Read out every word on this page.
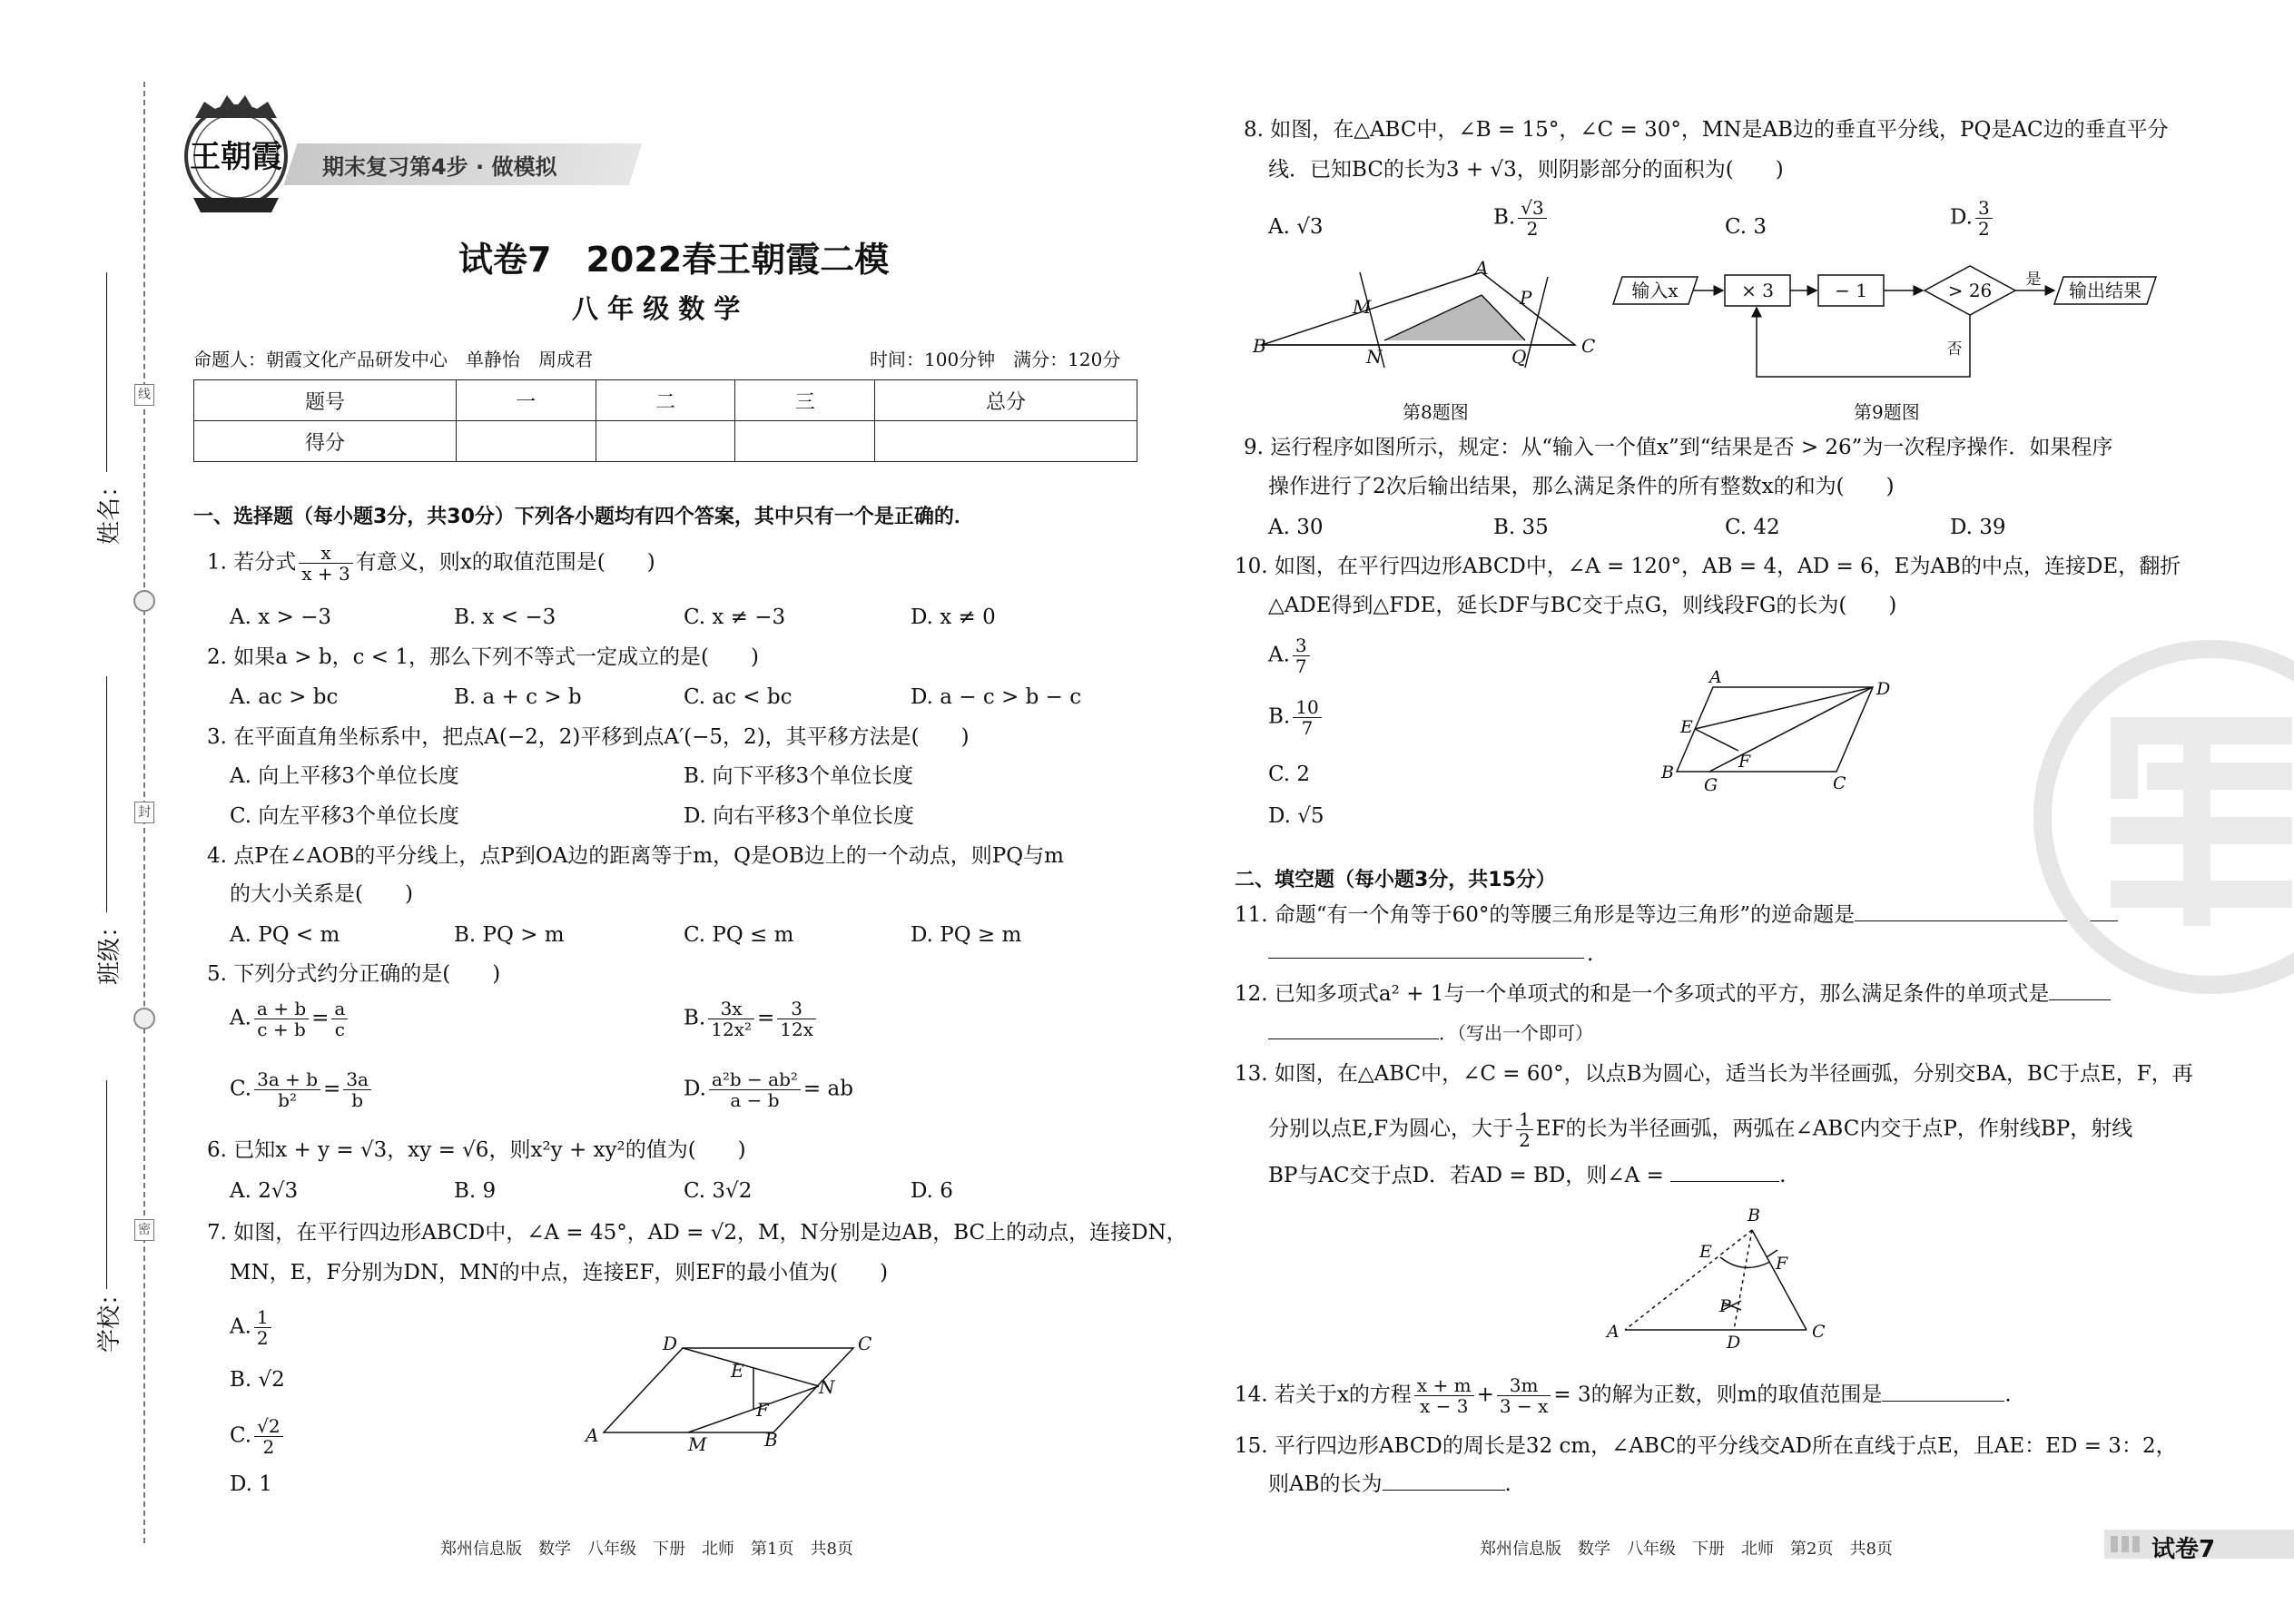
姓名：
班级：
学校：
线
封
密
王朝霞 期末复习第4步 · 做模拟
试卷7　2022春王朝霞二模
八 年 级 数 学
命题人：朝霞文化产品研发中心　单静怡　周成君	时间：100分钟　满分：120分
题号	一	二	三	总分
得分				
一、选择题（每小题3分，共30分）下列各小题均有四个答案，其中只有一个是正确的．
1. 若分式 $\frac{x}{x + 3}$ 有意义，则x的取值范围是(　　)
A. x > −3	B. x < −3	C. x ≠ −3	D. x ≠ 0
2. 如果a > b，c < 1，那么下列不等式一定成立的是(　　)
A. ac > bc	B. a + c > b	C. ac < bc	D. a − c > b − c
3. 在平面直角坐标系中，把点A(−2，2)平移到点A′(−5，2)，其平移方法是(　　)
A. 向上平移3个单位长度	B. 向下平移3个单位长度
C. 向左平移3个单位长度	D. 向右平移3个单位长度
4. 点P在∠AOB的平分线上，点P到OA边的距离等于m，Q是OB边上的一个动点，则PQ与m
的大小关系是(　　)
A. PQ < m	B. PQ > m	C. PQ ≤ m	D. PQ ≥ m
5. 下列分式约分正确的是(　　)
A. $\frac{a + b}{c + b} = \frac{a}{c}$	B. $\frac{3x}{\text{12x²}} = \frac{3}{12x}$
C. $\frac{3a + b}{\text{b²}} = \frac{3a}{b}$	D. $\frac{\text{a²b − ab²}}{a - b}$ = ab
6. 已知x + y = √3，xy = √6，则x²y + xy²的值为(　　)
A. 2√3	B. 9	C. 3√2	D. 6
7. 如图，在平行四边形ABCD中，∠A = 45°，AD = √2，M，N分别是边AB，BC上的动点，连接DN，
MN，E，F分别为DN，MN的中点，连接EF，则EF的最小值为(　　)
A. $\frac{1}{2}$
B. √2
C. $\frac{√2}{2}$
D. 1
D	C
E
N
F
A	M	B
郑州信息版　数学　八年级　下册　北师　第1页　共8页
8. 如图，在△ABC中，∠B = 15°，∠C = 30°，MN是AB边的垂直平分线，PQ是AC边的垂直平分
线．已知BC的长为3 + √3，则阴影部分的面积为(　　)
A. √3	B. $\frac{√3}{2}$	C. 3	D. $\frac{3}{2}$
B
A
M	P
N	Q	C
第8题图
输入x	× 3	− 1	> 26	输出结果
是
否
第9题图
9. 运行程序如图所示，规定：从“输入一个值x”到“结果是否 > 26”为一次程序操作．如果程序
操作进行了2次后输出结果，那么满足条件的所有整数x的和为(　　)
A. 30	B. 35	C. 42	D. 39
10. 如图，在平行四边形ABCD中，∠A = 120°，AB = 4，AD = 6，E为AB的中点，连接DE，翻折
△ADE得到△FDE，延长DF与BC交于点G，则线段FG的长为(　　)
A. $\frac{3}{7}$
B. $\frac{10}{7}$
C. 2
D. √5
A
D
E
F
B
G	C
二、填空题（每小题3分，共15分）
11. 命题“有一个角等于60°的等腰三角形是等边三角形”的逆命题是
.
12. 已知多项式a² + 1与一个单项式的和是一个多项式的平方，那么满足条件的单项式是
．（写出一个即可）
13. 如图，在△ABC中，∠C = 60°，以点B为圆心，适当长为半径画弧，分别交BA，BC于点E，F，再
分别以点E,F为圆心，大于 $\frac{1}{2}$ EF的长为半径画弧，两弧在∠ABC内交于点P，作射线BP，射线
BP与AC交于点D．若AD = BD，则∠A =	.
B
E
F
P
A
D
C
14. 若关于x的方程 $\frac{x + m}{x - 3} + \frac{3m}{3 - x} = 3$的解为正数，则m的取值范围是	.
15. 平行四边形ABCD的周长是32 cm，∠ABC的平分线交AD所在直线于点E，且AE：ED = 3：2，
则AB的长为	.
郑州信息版　数学　八年级　下册　北师　第2页　共8页	试卷7
